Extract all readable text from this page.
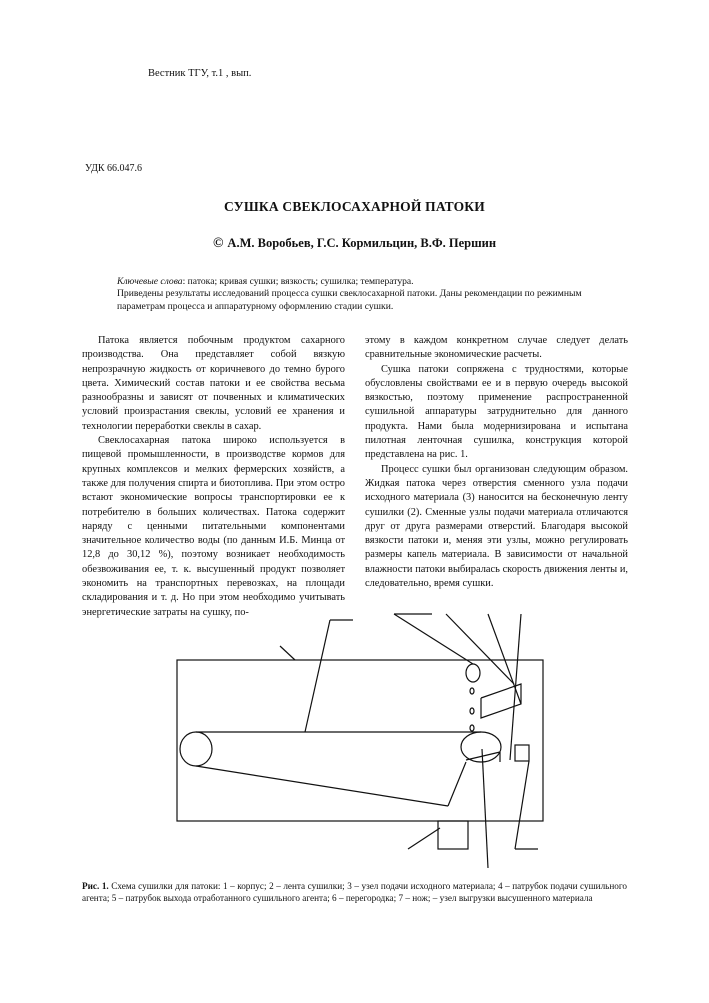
Вестник ТГУ, т.1 , вып.
УДК 66.047.6
СУШКА СВЕКЛОСАХАРНОЙ ПАТОКИ
© А.М. Воробьев, Г.С. Кормильцин, В.Ф. Першин
Ключевые слова: патока; кривая сушки; вязкость; сушилка; температура.
Приведены результаты исследований процесса сушки свеклосахарной патоки. Даны рекомендации по режимным параметрам процесса и аппаратурному оформлению стадии сушки.

Патока является побочным продуктом сахарного производства. Она представляет собой вязкую непрозрачную жидкость от коричневого до темно бурого цвета. Химический состав патоки и ее свойства весьма разнообразны и зависят от почвенных и климатических условий произрастания свеклы, условий ее хранения и технологии переработки свеклы в сахар.

Свеклосахарная патока широко используется в пищевой промышленности, в производстве кормов для крупных комплексов и мелких фермерских хозяйств, а также для получения спирта и биотоплива. При этом остро встают экономические вопросы транспортировки ее к потребителю в больших количествах. Патока содержит наряду с ценными питательными компонентами значительное количество воды (по данным И.Б. Минца от 12,8 до 30,12 %), поэтому возникает необходимость обезвоживания ее, т. к. высушенный продукт позволяет экономить на транспортных перевозках, на площади складирования и т. д. Но при этом необходимо учитывать энергетические затраты на сушку, по-

этому в каждом конкретном случае следует делать сравнительные экономические расчеты.

Сушка патоки сопряжена с трудностями, которые обусловлены свойствами ее и в первую очередь высокой вязкостью, поэтому применение распространенной сушильной аппаратуры затруднительно для данного продукта. Нами была модернизирована и испытана пилотная ленточная сушилка, конструкция которой представлена на рис. 1.

Процесс сушки был организован следующим образом. Жидкая патока через отверстия сменного узла подачи исходного материала (3) наносится на бесконечную ленту сушилки (2). Сменные узлы подачи материала отличаются друг от друга размерами отверстий. Благодаря высокой вязкости патоки и, меняя эти узлы, можно регулировать размеры капель материала. В зависимости от начальной влажности патоки выбиралась скорость движения ленты и, следовательно, время сушки.

Рис. 1. Схема сушилки для патоки: 1 – корпус; 2 – лента сушилки; 3 – узел подачи исходного материала; 4 – патрубок подачи сушильного агента; 5 – патрубок выхода отработанного сушильного агента; 6 – перегородка; 7 – нож; – узел выгрузки высушенного материала
